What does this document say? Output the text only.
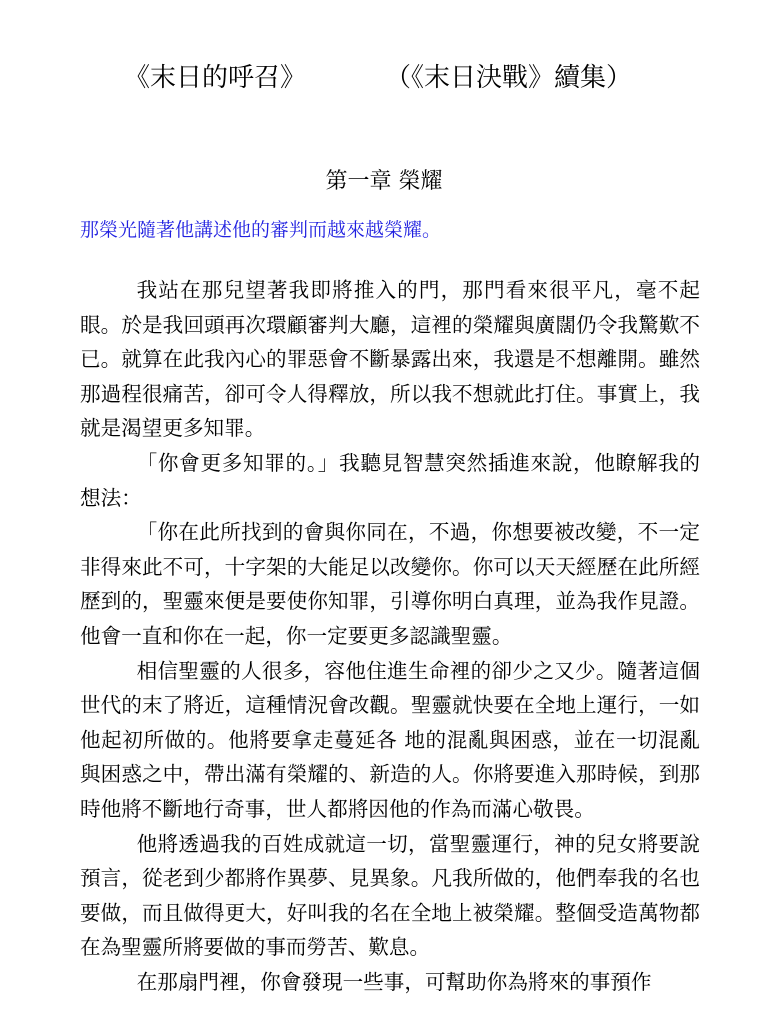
《末日的呼召》	（《末日決戰》續集）
第一章 榮耀
那榮光隨著他講述他的審判而越來越榮耀。

我站在那兒望著我即將推入的門，那門看來很平凡，毫不起眼。於是我回頭再次環顧審判大廳，這裡的榮耀與廣闊仍令我驚歎不已。就算在此我內心的罪惡會不斷暴露出來，我還是不想離開。雖然那過程很痛苦，卻可令人得釋放，所以我不想就此打住。事實上，我就是渴望更多知罪。

「你會更多知罪的。」我聽見智慧突然插進來說，他瞭解我的想法：

「你在此所找到的會與你同在，不過，你想要被改變，不一定非得來此不可，十字架的大能足以改變你。你可以天天經歷在此所經歷到的，聖靈來便是要使你知罪，引導你明白真理，並為我作見證。他會一直和你在一起，你一定要更多認識聖靈。

相信聖靈的人很多，容他住進生命裡的卻少之又少。隨著這個世代的末了將近，這種情況會改觀。聖靈就快要在全地上運行，一如他起初所做的。他將要拿走蔓延各 地的混亂與困惑，並在一切混亂與困惑之中，帶出滿有榮耀的、新造的人。你將要進入那時候，到那時他將不斷地行奇事，世人都將因他的作為而滿心敬畏。

他將透過我的百姓成就這一切，當聖靈運行，神的兒女將要說預言，從老到少都將作異夢、見異象。凡我所做的，他們奉我的名也要做，而且做得更大，好叫我的名在全地上被榮耀。整個受造萬物都在為聖靈所將要做的事而勞苦、歎息。

在那扇門裡，你會發現一些事，可幫助你為將來的事預作
